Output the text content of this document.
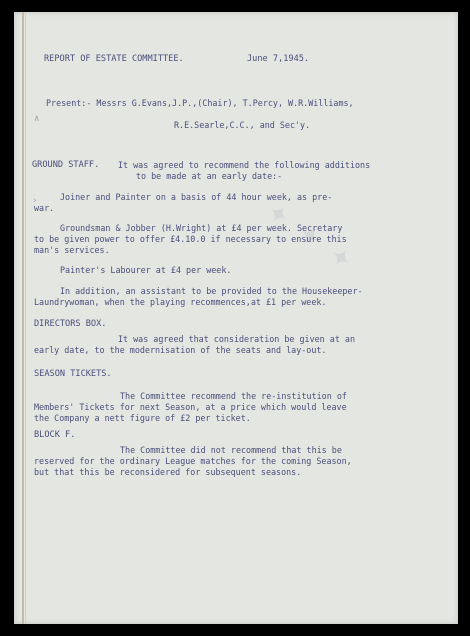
✦ ✦ ✦
∧
›
REPORT OF ESTATE COMMITTEE.	June 7,1945.
Present:- Messrs G.Evans,J.P.,(Chair), T.Percy, W.R.Williams,
R.E.Searle,C.C., and Sec'y.
GROUND STAFF. It was agreed to recommend the following additions
to be made at an early date:-
Joiner and Painter on a basis of 44 hour week, as pre-
war.
Groundsman & Jobber (H.Wright) at £4 per week. Secretary
to be given power to offer £4.10.0 if necessary to ensure this
man's services.
Painter's Labourer at £4 per week.
In addition, an assistant to be provided to the Housekeeper-
Laundrywoman, when the playing recommences,at £1 per week.
DIRECTORS BOX.
It was agreed that consideration be given at an
early date, to the modernisation of the seats and lay-out.
SEASON TICKETS.
The Committee recommend the re-institution of
Members' Tickets for next Season, at a price which would leave
the Company a nett figure of £2 per ticket.
BLOCK F.
The Committee did not recommend that this be
reserved for the ordinary League matches for the coming Season,
but that this be reconsidered for subsequent seasons.
